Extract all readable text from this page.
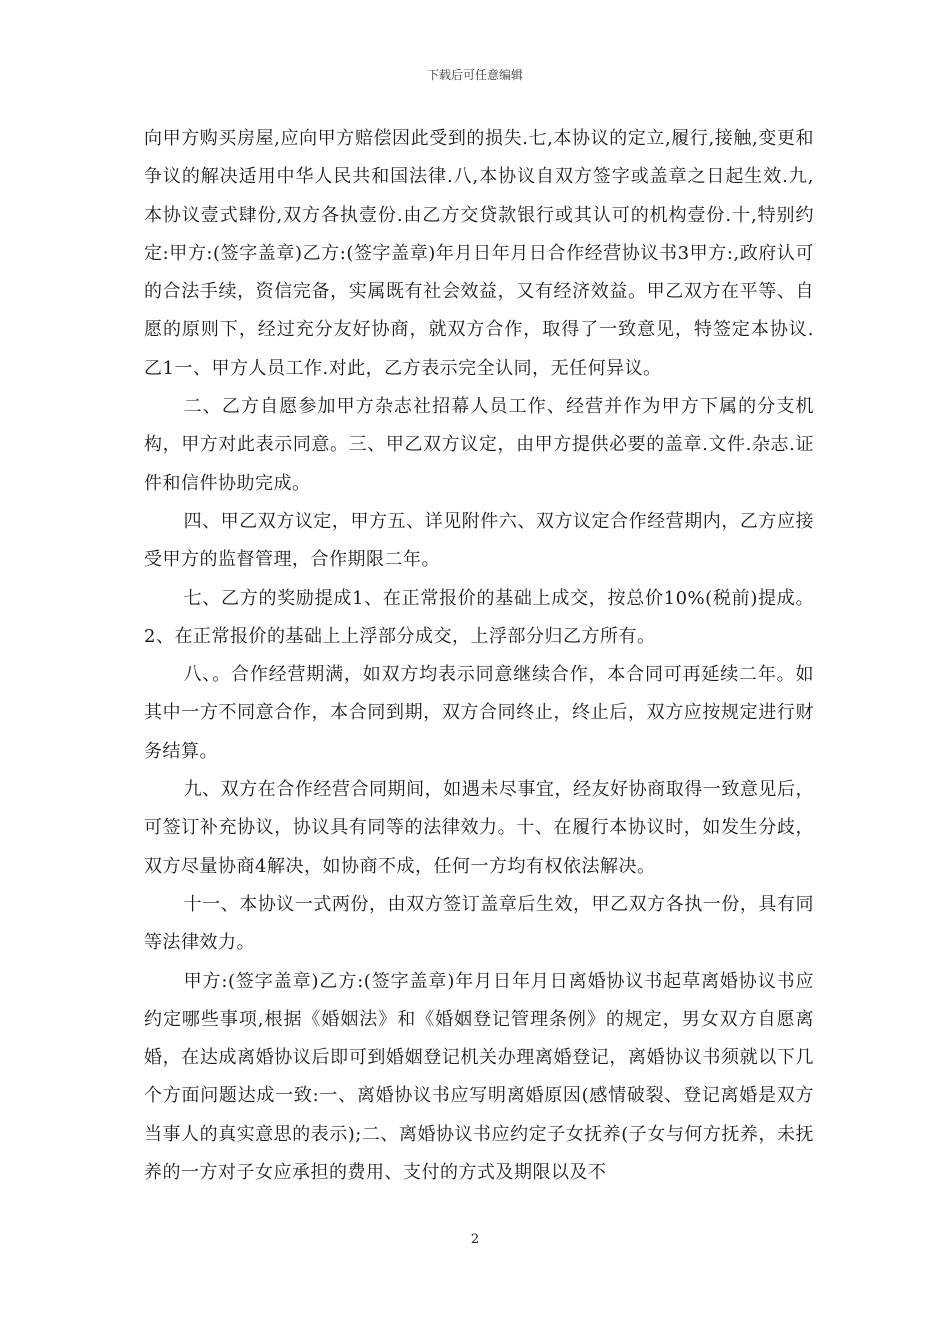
下载后可任意编辑

向甲方购买房屋,应向甲方赔偿因此受到的损失.七,本协议的定立,履行,接触,变更和争议的解决适用中华人民共和国法律.八,本协议自双方签字或盖章之日起生效.九,本协议壹式肆份,双方各执壹份.由乙方交贷款银行或其认可的机构壹份.十,特别约定:甲方:(签字盖章)乙方:(签字盖章)年月日年月日合作经营协议书3甲方:,政府认可的合法手续，资信完备，实属既有社会效益，又有经济效益。甲乙双方在平等、自愿的原则下，经过充分友好协商，就双方合作，取得了一致意见，特签定本协议.乙1一、甲方人员工作.对此，乙方表示完全认同，无任何异议。

二、乙方自愿参加甲方杂志社招幕人员工作、经营并作为甲方下属的分支机构，甲方对此表示同意。三、甲乙双方议定，由甲方提供必要的盖章.文件.杂志.证件和信件协助完成。

四、甲乙双方议定，甲方五、详见附件六、双方议定合作经营期内，乙方应接受甲方的监督管理，合作期限二年。

七、乙方的奖励提成1、在正常报价的基础上成交，按总价10%(税前)提成。2、在正常报价的基础上上浮部分成交，上浮部分归乙方所有。

八、。合作经营期满，如双方均表示同意继续合作，本合同可再延续二年。如其中一方不同意合作，本合同到期，双方合同终止，终止后，双方应按规定进行财务结算。

九、双方在合作经营合同期间，如遇未尽事宜，经友好协商取得一致意见后，可签订补充协议，协议具有同等的法律效力。十、在履行本协议时，如发生分歧，双方尽量协商4解决，如协商不成，任何一方均有权依法解决。

十一、本协议一式两份，由双方签订盖章后生效，甲乙双方各执一份，具有同等法律效力。

甲方:(签字盖章)乙方:(签字盖章)年月日年月日离婚协议书起草离婚协议书应约定哪些事项,根据《婚姻法》和《婚姻登记管理条例》的规定，男女双方自愿离婚，在达成离婚协议后即可到婚姻登记机关办理离婚登记，离婚协议书须就以下几个方面问题达成一致:一、离婚协议书应写明离婚原因(感情破裂、登记离婚是双方当事人的真实意思的表示);二、离婚协议书应约定子女抚养(子女与何方抚养，未抚养的一方对子女应承担的费用、支付的方式及期限以及不

2
